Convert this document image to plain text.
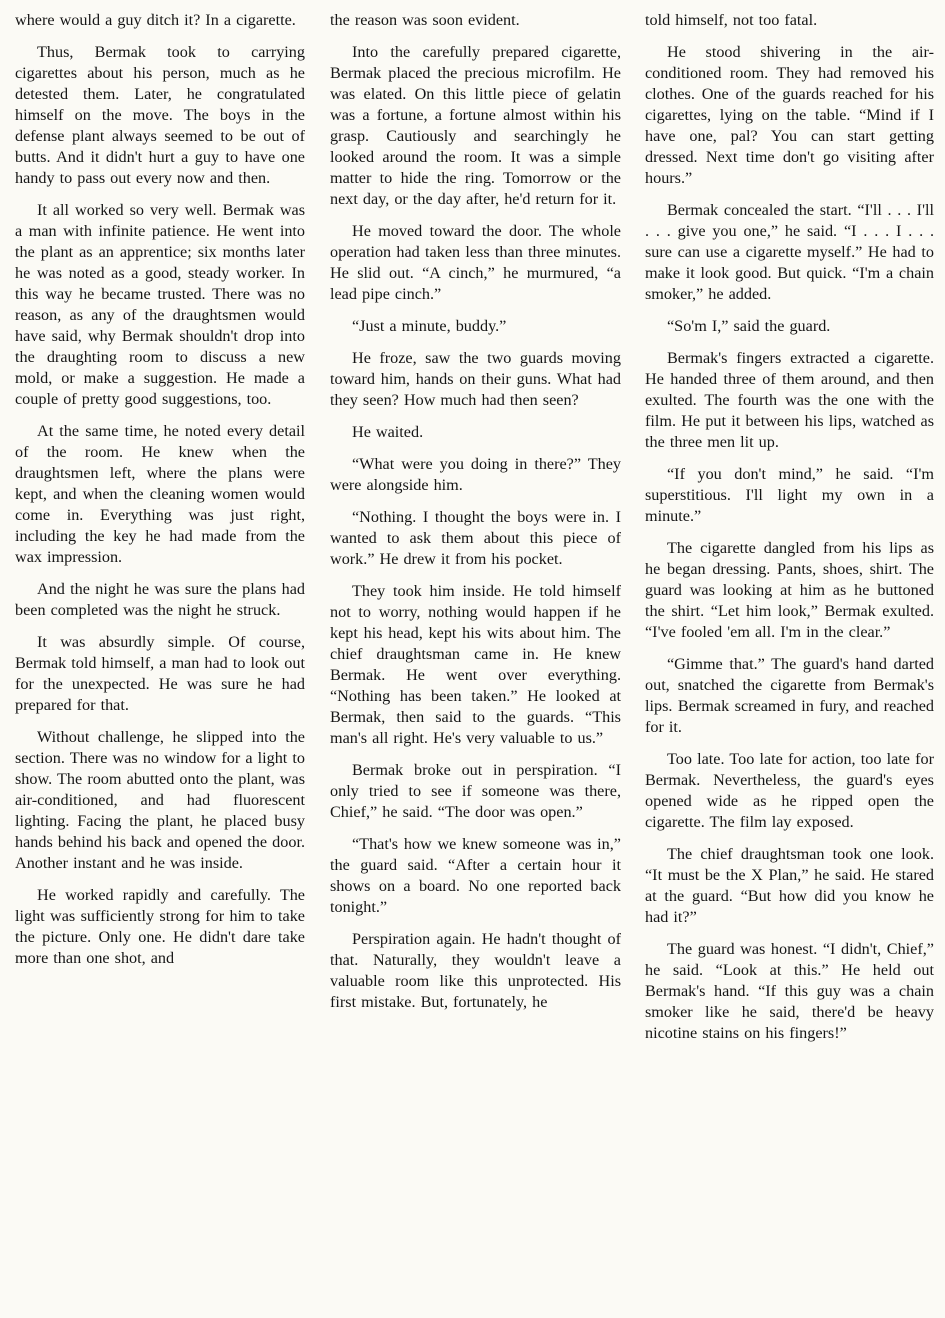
where would a guy ditch it? In a cigarette.

Thus, Bermak took to carrying cigarettes about his person, much as he detested them. Later, he congratulated himself on the move. The boys in the defense plant always seemed to be out of butts. And it didn't hurt a guy to have one handy to pass out every now and then.

It all worked so very well. Bermak was a man with infinite patience. He went into the plant as an apprentice; six months later he was noted as a good, steady worker. In this way he became trusted. There was no reason, as any of the draughtsmen would have said, why Bermak shouldn't drop into the draughting room to discuss a new mold, or make a suggestion. He made a couple of pretty good suggestions, too.

At the same time, he noted every detail of the room. He knew when the draughtsmen left, where the plans were kept, and when the cleaning women would come in. Everything was just right, including the key he had made from the wax impression.

And the night he was sure the plans had been completed was the night he struck.

It was absurdly simple. Of course, Bermak told himself, a man had to look out for the unexpected. He was sure he had prepared for that.

Without challenge, he slipped into the section. There was no window for a light to show. The room abutted onto the plant, was air-conditioned, and had fluorescent lighting. Facing the plant, he placed busy hands behind his back and opened the door. Another instant and he was inside.

He worked rapidly and carefully. The light was sufficiently strong for him to take the picture. Only one. He didn't dare take more than one shot, and

the reason was soon evident.

Into the carefully prepared cigarette, Bermak placed the precious microfilm. He was elated. On this little piece of gelatin was a fortune, a fortune almost within his grasp. Cautiously and searchingly he looked around the room. It was a simple matter to hide the ring. Tomorrow or the next day, or the day after, he'd return for it.

He moved toward the door. The whole operation had taken less than three minutes. He slid out. “A cinch,” he murmured, “a lead pipe cinch.”

“Just a minute, buddy.”

He froze, saw the two guards moving toward him, hands on their guns. What had they seen? How much had then seen?

He waited.

“What were you doing in there?” They were alongside him.

“Nothing. I thought the boys were in. I wanted to ask them about this piece of work.” He drew it from his pocket.

They took him inside. He told himself not to worry, nothing would happen if he kept his head, kept his wits about him. The chief draughtsman came in. He knew Bermak. He went over everything. “Nothing has been taken.” He looked at Bermak, then said to the guards. “This man's all right. He's very valuable to us.”

Bermak broke out in perspiration. “I only tried to see if someone was there, Chief,” he said. “The door was open.”

“That's how we knew someone was in,” the guard said. “After a certain hour it shows on a board. No one reported back tonight.”

Perspiration again. He hadn't thought of that. Naturally, they wouldn't leave a valuable room like this unprotected. His first mistake. But, fortunately, he

told himself, not too fatal.

He stood shivering in the air-conditioned room. They had removed his clothes. One of the guards reached for his cigarettes, lying on the table. “Mind if I have one, pal? You can start getting dressed. Next time don't go visiting after hours.”

Bermak concealed the start. “I'll . . . I'll . . . give you one,” he said. “I . . . I . . . sure can use a cigarette myself.” He had to make it look good. But quick. “I'm a chain smoker,” he added.

“So'm I,” said the guard.

Bermak's fingers extracted a cigarette. He handed three of them around, and then exulted. The fourth was the one with the film. He put it between his lips, watched as the three men lit up.

“If you don't mind,” he said. “I'm superstitious. I'll light my own in a minute.”

The cigarette dangled from his lips as he began dressing. Pants, shoes, shirt. The guard was looking at him as he buttoned the shirt. “Let him look,” Bermak exulted. “I've fooled 'em all. I'm in the clear.”

“Gimme that.” The guard's hand darted out, snatched the cigarette from Bermak's lips. Bermak screamed in fury, and reached for it.

Too late. Too late for action, too late for Bermak. Nevertheless, the guard's eyes opened wide as he ripped open the cigarette. The film lay exposed.

The chief draughtsman took one look. “It must be the X Plan,” he said. He stared at the guard. “But how did you know he had it?”

The guard was honest. “I didn't, Chief,” he said. “Look at this.” He held out Bermak's hand. “If this guy was a chain smoker like he said, there'd be heavy nicotine stains on his fingers!”
